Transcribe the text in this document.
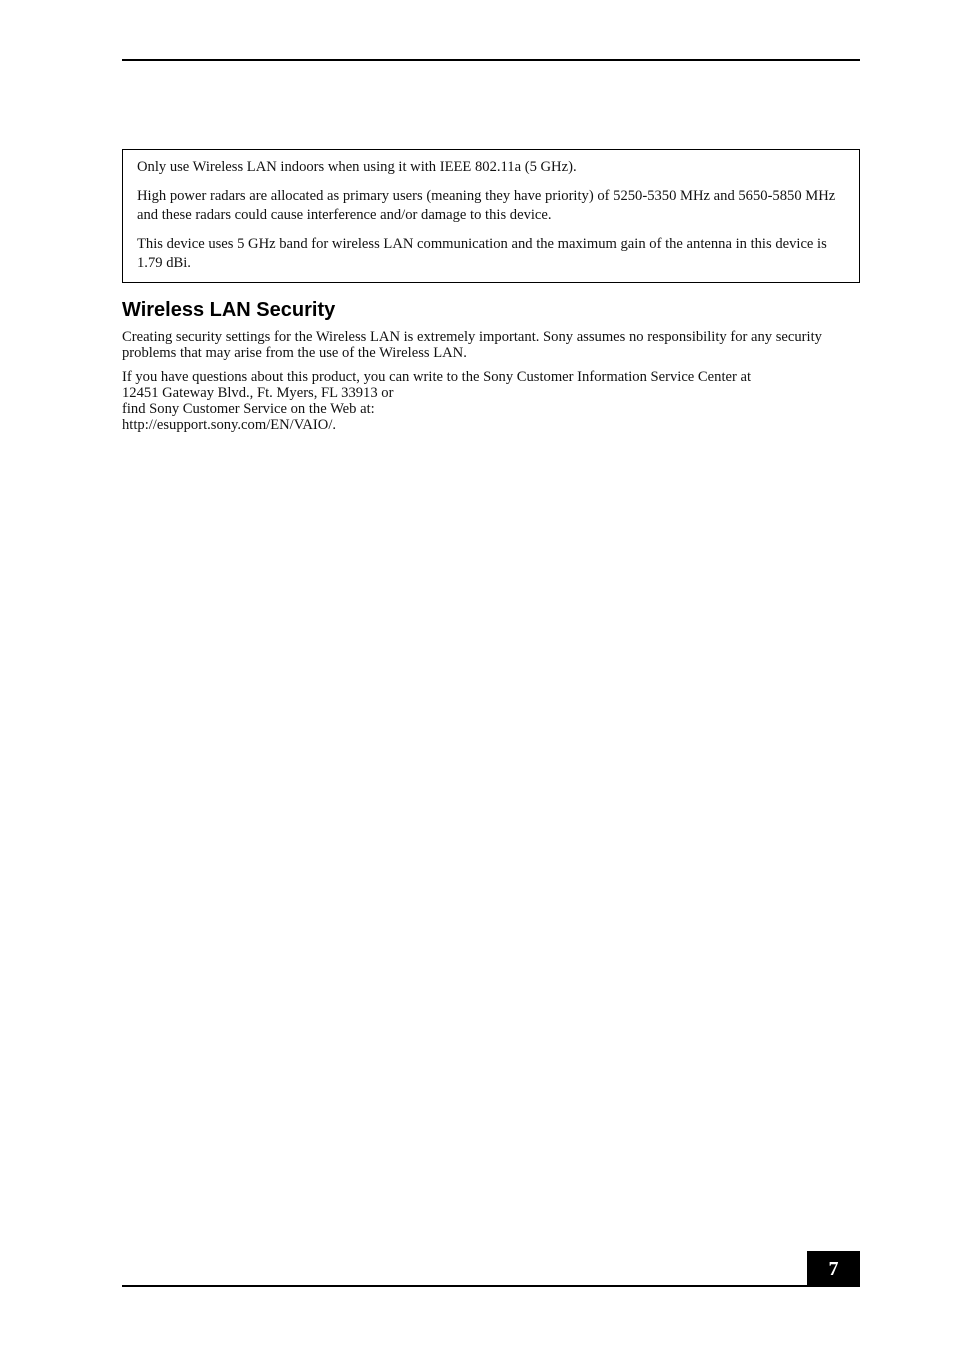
Only use Wireless LAN indoors when using it with IEEE 802.11a (5 GHz).

High power radars are allocated as primary users (meaning they have priority) of 5250-5350 MHz and 5650-5850 MHz and these radars could cause interference and/or damage to this device.

This device uses 5 GHz band for wireless LAN communication and the maximum gain of the antenna in this device is 1.79 dBi.

Wireless LAN Security

Creating security settings for the Wireless LAN is extremely important. Sony assumes no responsibility for any security problems that may arise from the use of the Wireless LAN.

If you have questions about this product, you can write to the Sony Customer Information Service Center at
12451 Gateway Blvd., Ft. Myers, FL 33913 or
find Sony Customer Service on the Web at:
http://esupport.sony.com/EN/VAIO/.

7
